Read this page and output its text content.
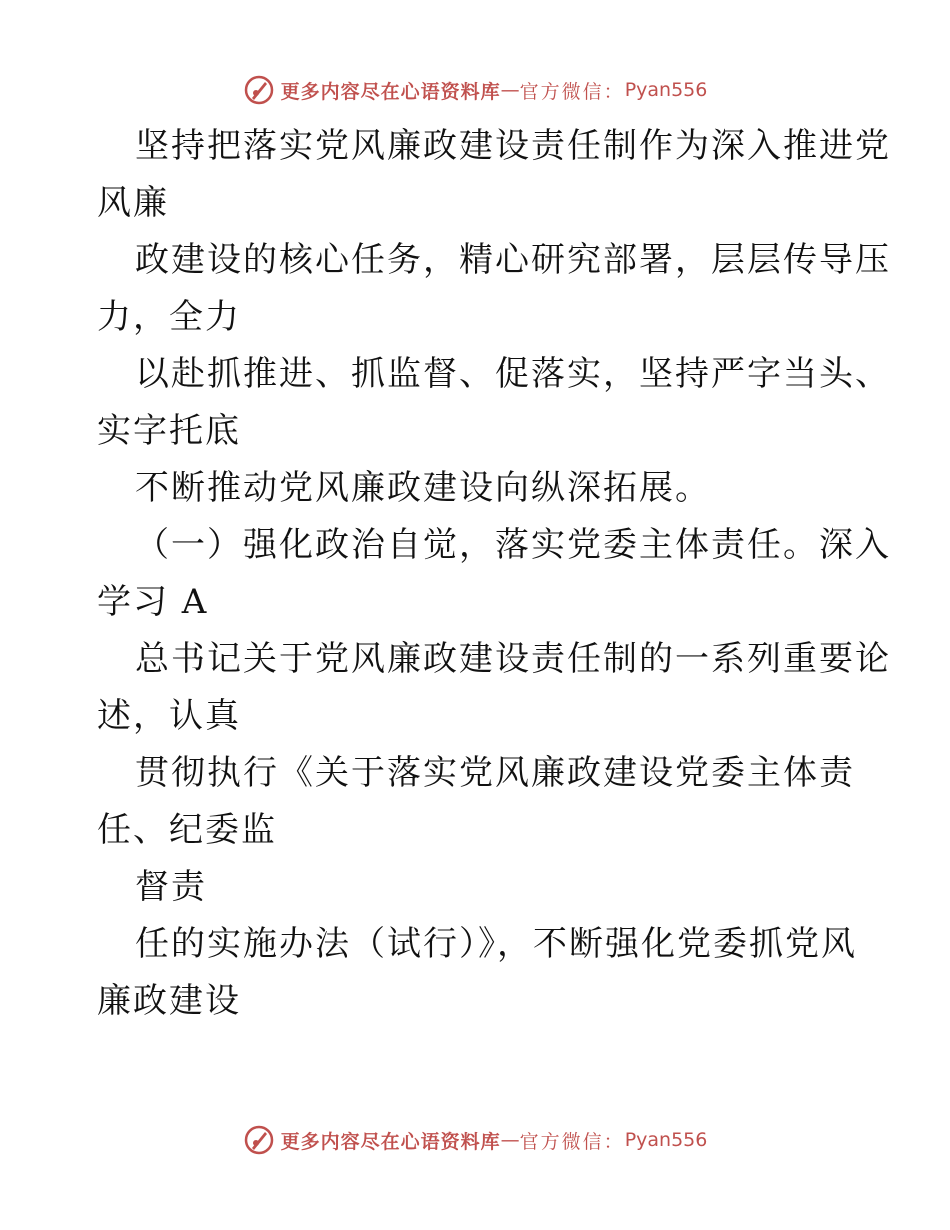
更多内容尽在心语资料库 — 官方微信： Pyan556
坚持把落实党风廉政建设责任制作为深入推进党
风廉
政建设的核心任务，精心研究部署，层层传导压
力，全力
以赴抓推进、抓监督、促落实，坚持严字当头、
实字托底
不断推动党风廉政建设向纵深拓展。
（一）强化政治自觉，落实党委主体责任。深入
学习 A
总书记关于党风廉政建设责任制的一系列重要论
述，认真
贯彻执行《关于落实党风廉政建设党委主体责
任、纪委监
督责
任的实施办法（试行）》，不断强化党委抓党风
廉政建设
更多内容尽在心语资料库 — 官方微信： Pyan556
